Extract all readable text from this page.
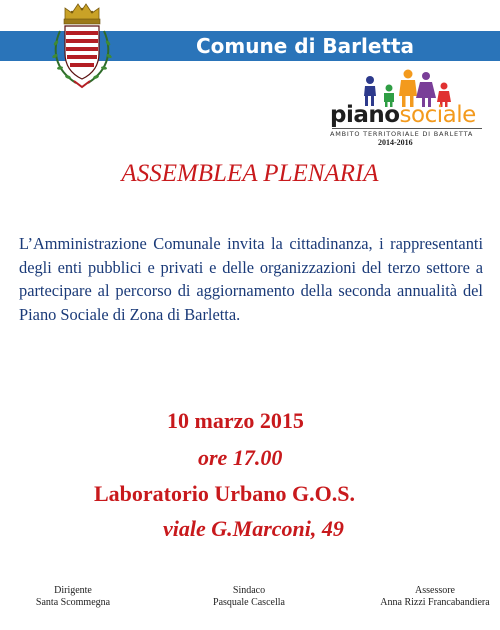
Comune di Barletta
pianosociale
AMBITO TERRITORIALE DI BARLETTA
2014-2016
ASSEMBLEA PLENARIA

L’Amministrazione Comunale invita la cittadinanza, i rappresentanti degli enti pubblici e privati e delle organizzazioni del terzo settore a partecipare al percorso di aggiornamento della seconda annualità del Piano Sociale di Zona di Barletta.

10 marzo 2015
ore 17.00
Laboratorio Urbano G.O.S.
viale G.Marconi, 49
Dirigente
Santa Scommegna
Sindaco
Pasquale Cascella
Assessore
Anna Rizzi Francabandiera
